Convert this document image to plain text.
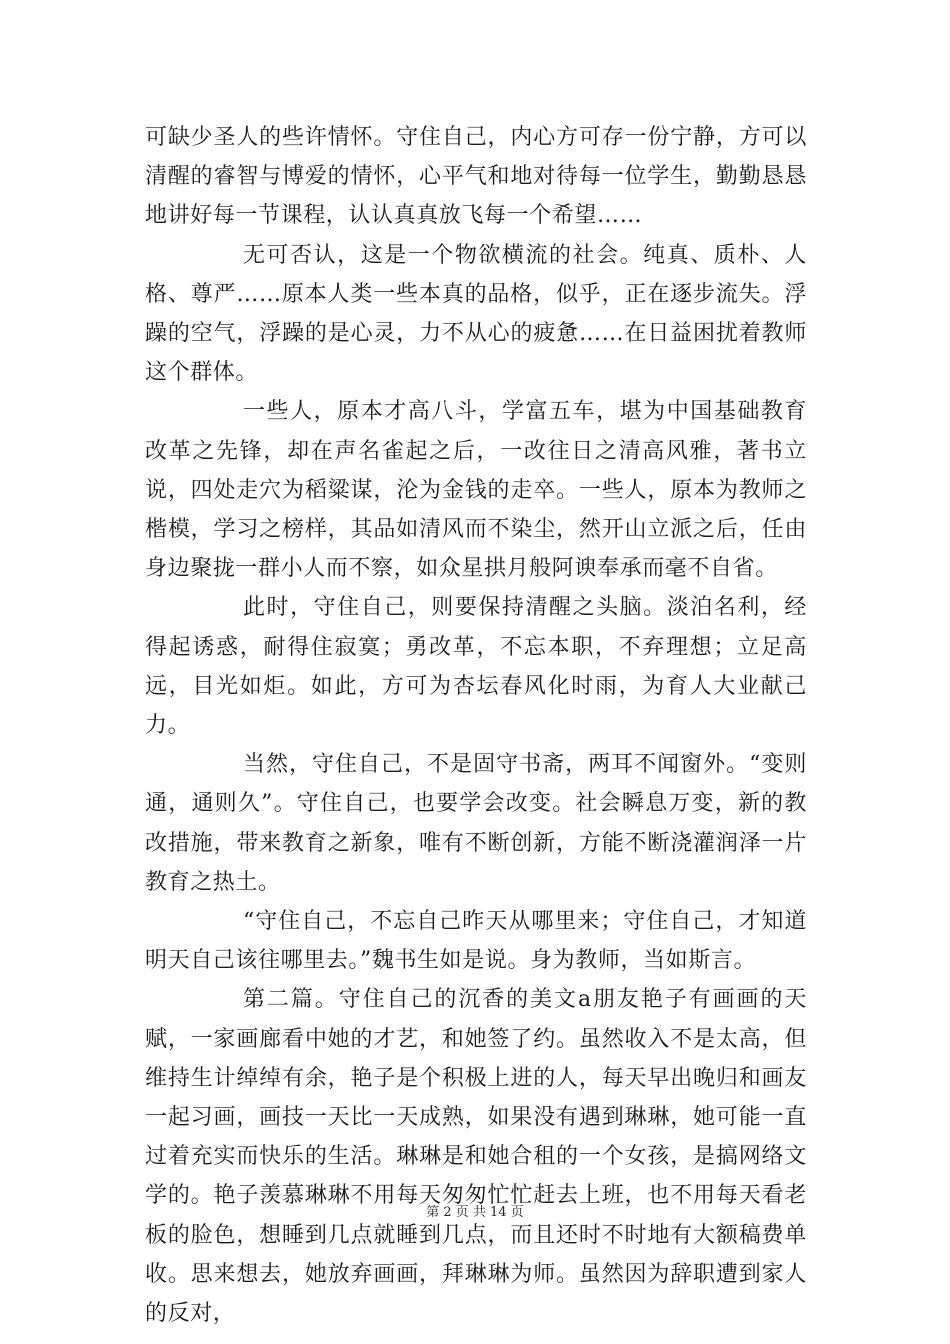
可缺少圣人的些许情怀。守住自己，内心方可存一份宁静，方可以清醒的睿智与博爱的情怀，心平气和地对待每一位学生，勤勤恳恳地讲好每一节课程，认认真真放飞每一个希望……

无可否认，这是一个物欲横流的社会。纯真、质朴、人格、尊严……原本人类一些本真的品格，似乎，正在逐步流失。浮躁的空气，浮躁的是心灵，力不从心的疲惫……在日益困扰着教师这个群体。

一些人，原本才高八斗，学富五车，堪为中国基础教育改革之先锋，却在声名雀起之后，一改往日之清高风雅，著书立说，四处走穴为稻粱谋，沦为金钱的走卒。一些人，原本为教师之楷模，学习之榜样，其品如清风而不染尘，然开山立派之后，任由身边聚拢一群小人而不察，如众星拱月般阿谀奉承而毫不自省。

此时，守住自己，则要保持清醒之头脑。淡泊名利，经得起诱惑，耐得住寂寞；勇改革，不忘本职，不弃理想；立足高远，目光如炬。如此，方可为杏坛春风化时雨，为育人大业献己力。

当然，守住自己，不是固守书斋，两耳不闻窗外。“变则通，通则久”。守住自己，也要学会改变。社会瞬息万变，新的教改措施，带来教育之新象，唯有不断创新，方能不断浇灌润泽一片教育之热土。

“守住自己，不忘自己昨天从哪里来；守住自己，才知道明天自己该往哪里去。”魏书生如是说。身为教师，当如斯言。

第二篇。守住自己的沉香的美文a朋友艳子有画画的天赋，一家画廊看中她的才艺，和她签了约。虽然收入不是太高，但维持生计绰绰有余，艳子是个积极上进的人，每天早出晚归和画友一起习画，画技一天比一天成熟，如果没有遇到琳琳，她可能一直过着充实而快乐的生活。琳琳是和她合租的一个女孩，是搞网络文学的。艳子羡慕琳琳不用每天匆匆忙忙赶去上班，也不用每天看老板的脸色，想睡到几点就睡到几点，而且还时不时地有大额稿费单收。思来想去，她放弃画画，拜琳琳为师。虽然因为辞职遭到家人的反对，

第 2 页 共 14 页
